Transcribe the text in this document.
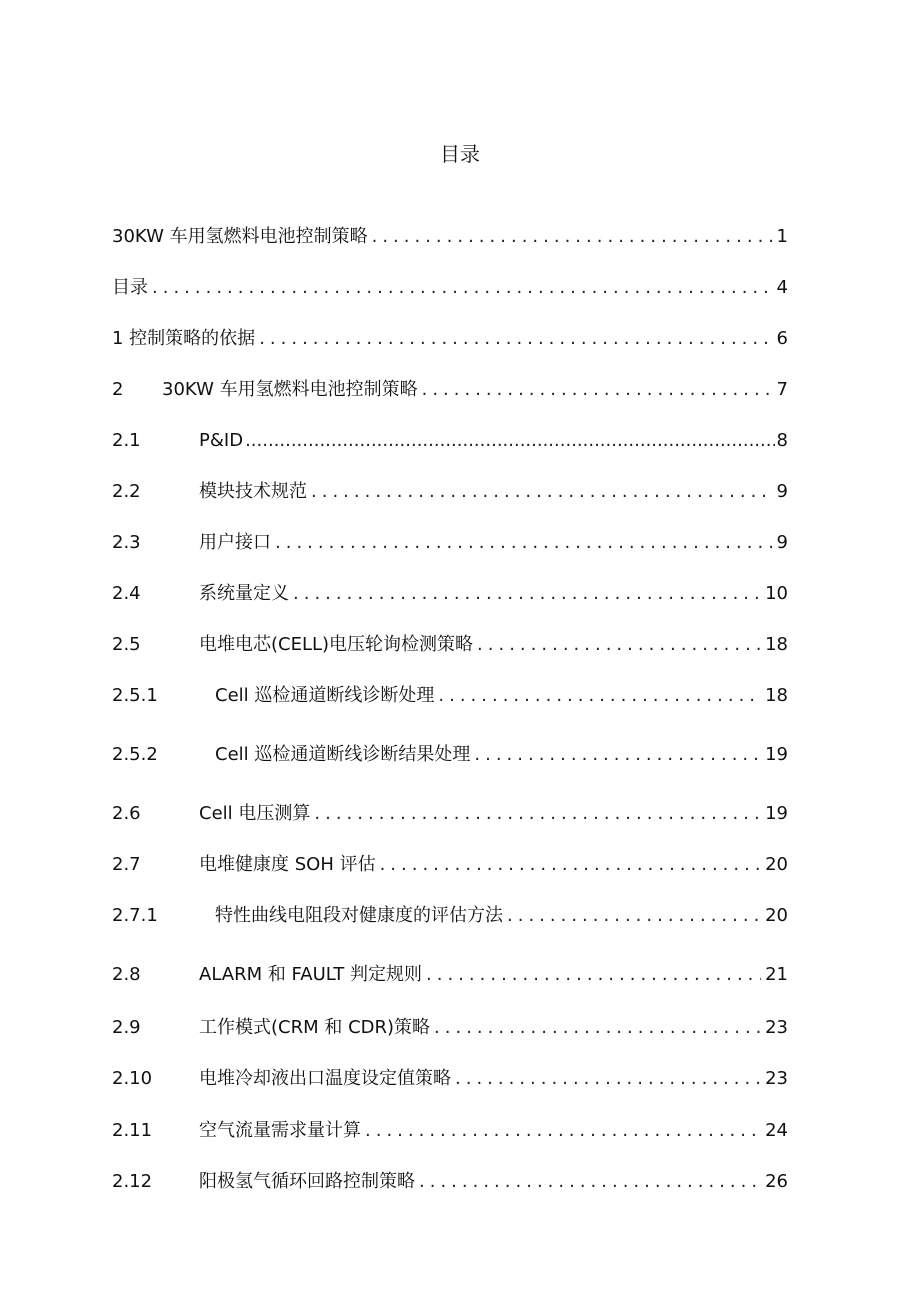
目录
30KW 车用氢燃料电池控制策略 .....	1
目录 .....	4
1 控制策略的依据 .....	6
2	30KW 车用氢燃料电池控制策略 .....	7
2.1	P&ID .....	8
2.2	模块技术规范 .....	9
2.3	用户接口 .....	9
2.4	系统量定义 .....	10
2.5	电堆电芯(CELL)电压轮询检测策略 .....	18
2.5.1	Cell 巡检通道断线诊断处理 .....	18
2.5.2	Cell 巡检通道断线诊断结果处理 .....	19
2.6	Cell 电压测算 .....	19
2.7	电堆健康度 SOH 评估 .....	20
2.7.1	特性曲线电阻段对健康度的评估方法 .....	20
2.8	ALARM 和 FAULT 判定规则 .....	21
2.9	工作模式(CRM 和 CDR)策略 .....	23
2.10	电堆冷却液出口温度设定值策略 .....	23
2.11	空气流量需求量计算 .....	24
2.12	阳极氢气循环回路控制策略 .....	26
